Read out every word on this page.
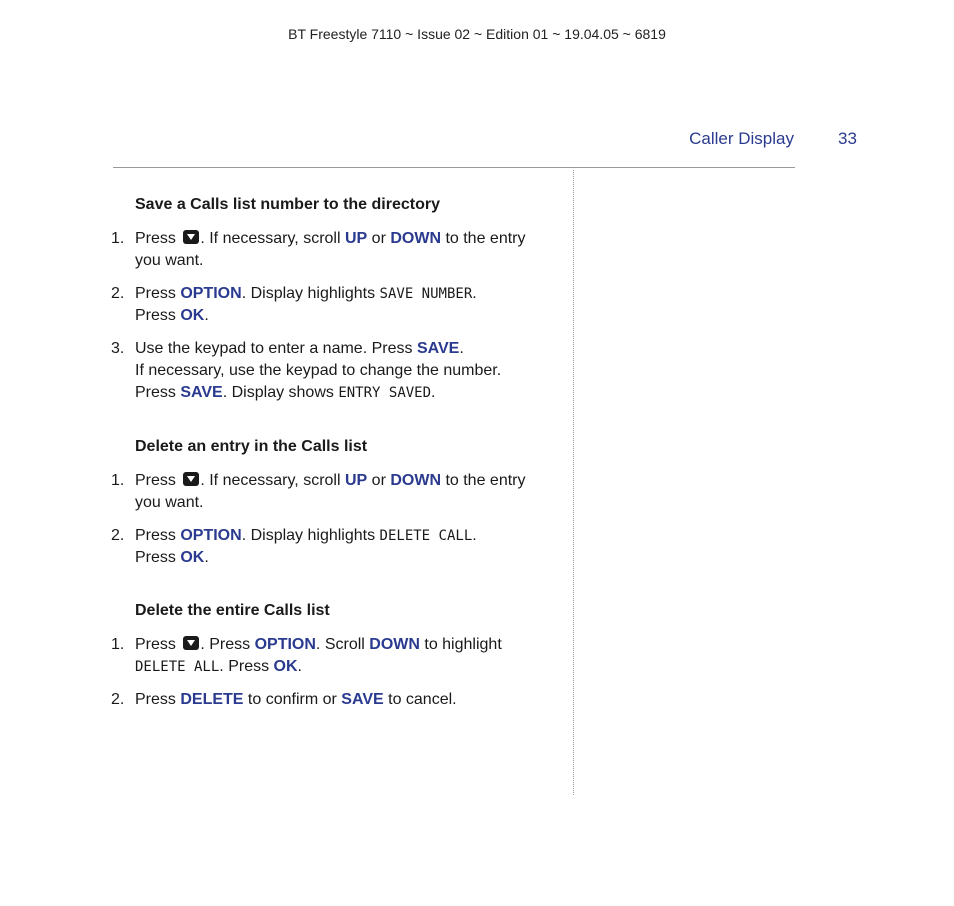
BT Freestyle 7110 ~ Issue 02 ~ Edition 01 ~ 19.04.05 ~ 6819
Caller Display	33
Save a Calls list number to the directory
1. Press . If necessary, scroll UP or DOWN to the entry you want.
2. Press OPTION. Display highlights SAVE NUMBER.
Press OK.
3. Use the keypad to enter a name. Press SAVE.
If necessary, use the keypad to change the number.
Press SAVE. Display shows ENTRY SAVED.
Delete an entry in the Calls list
1. Press . If necessary, scroll UP or DOWN to the entry you want.
2. Press OPTION. Display highlights DELETE CALL.
Press OK.
Delete the entire Calls list
1. Press . Press OPTION. Scroll DOWN to highlight
DELETE ALL. Press OK.
2. Press DELETE to confirm or SAVE to cancel.
